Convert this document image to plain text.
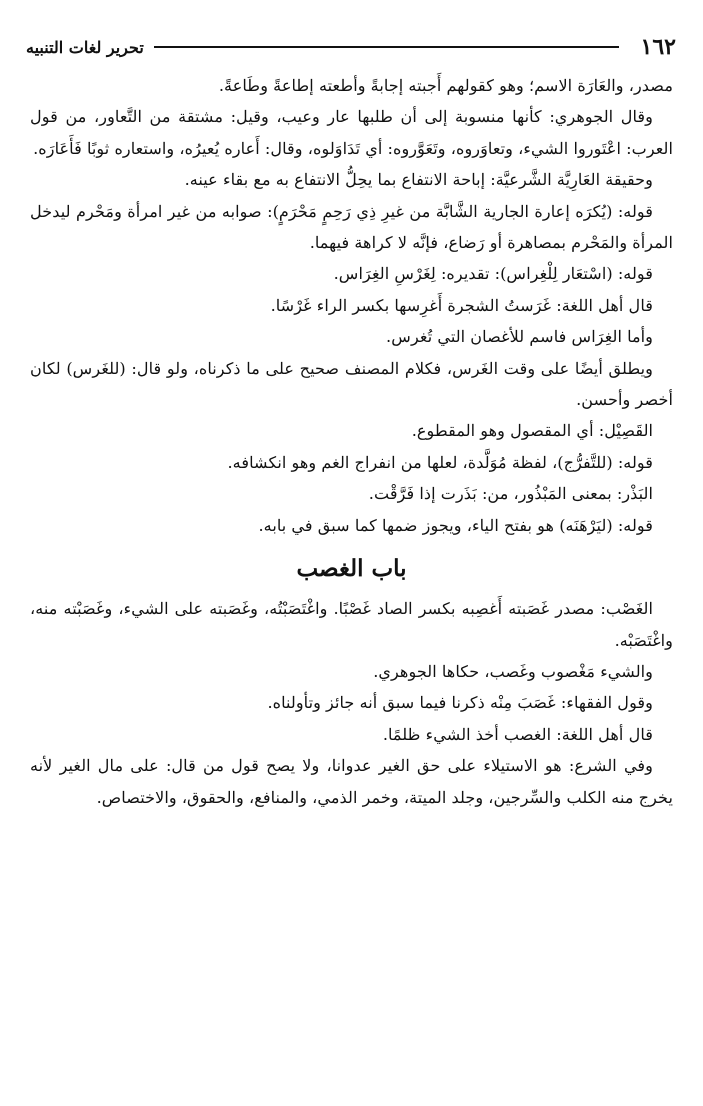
١٦٢
تحرير لغات التنبيه

مصدر، والعَارَة الاسم؛ وهو كقولهم أَجبته إجابةً وأطعته إطاعةً وطَاعةً.

وقال الجوهري: كأنها منسوبة إلى أن طلبها عار وعيب، وقيل: مشتقة من التَّعاور، من قول العرب: اعْتَوروا الشيء، وتعاوَروه، وتَعَوَّروه: أي تَدَاوَلوه، وقال: أَعاره يُعيرُه، واستعاره ثوبًا فَأَعَارَه.

وحقيقة العَارِيَّة الشَّرعيَّة: إباحة الانتفاع بما يحِلُّ الانتفاع به مع بقاء عينه.

قوله: (يُكرَه إعارة الجارية الشَّابَّة من غيرِ ذِي رَحِمٍ مَحْرَمٍ): صوابه من غير امرأة ومَحْرم ليدخل المرأة والمَحْرم بمصاهرة أو رَضاع، فإنَّه لا كراهة فيهما.

قوله: (اسْتعَار لِلْغِراس): تقديره: لِغَرْسِ الغِرَاس.

قال أهل اللغة: غَرَستُ الشجرة أَغرِسها بكسر الراء غَرْسًا.

وأما الغِرَاس فاسم للأغصان التي تُغرس.

ويطلق أيضًا على وقت الغَرس، فكلام المصنف صحيح على ما ذكرناه، ولو قال: (للغَرس) لكان أخصر وأحسن.

القَصِيْل: أي المقصول وهو المقطوع.

قوله: (للتَّفرُّج)، لفظة مُوَلَّدة، لعلها من انفراج الغم وهو انكشافه.

البَذْر: بمعنى المَبْذُور، من: بَذَرت إذا فَرَّقْت.

قوله: (ليَرْهَنَه) هو بفتح الياء، ويجوز ضمها كما سبق في بابه.

باب الغصب

الغَصْب: مصدر غَصَبته أَغصِبه بكسر الصاد غَصْبًا. واغْتَصَبْتُه، وغَصَبته على الشيء، وغَصَبْته منه، واغْتَصَبْه.

والشيء مَغْصوب وغَصب، حكاها الجوهري.

وقول الفقهاء: غَصَبَ مِنْه ذكرنا فيما سبق أنه جائز وتأولناه.

قال أهل اللغة: الغصب أخذ الشيء ظلمًا.

وفي الشرع: هو الاستيلاء على حق الغير عدوانا، ولا يصح قول من قال: على مال الغير لأنه يخرج منه الكلب والسِّرجين، وجلد الميتة، وخمر الذمي، والمنافع، والحقوق، والاختصاص.
